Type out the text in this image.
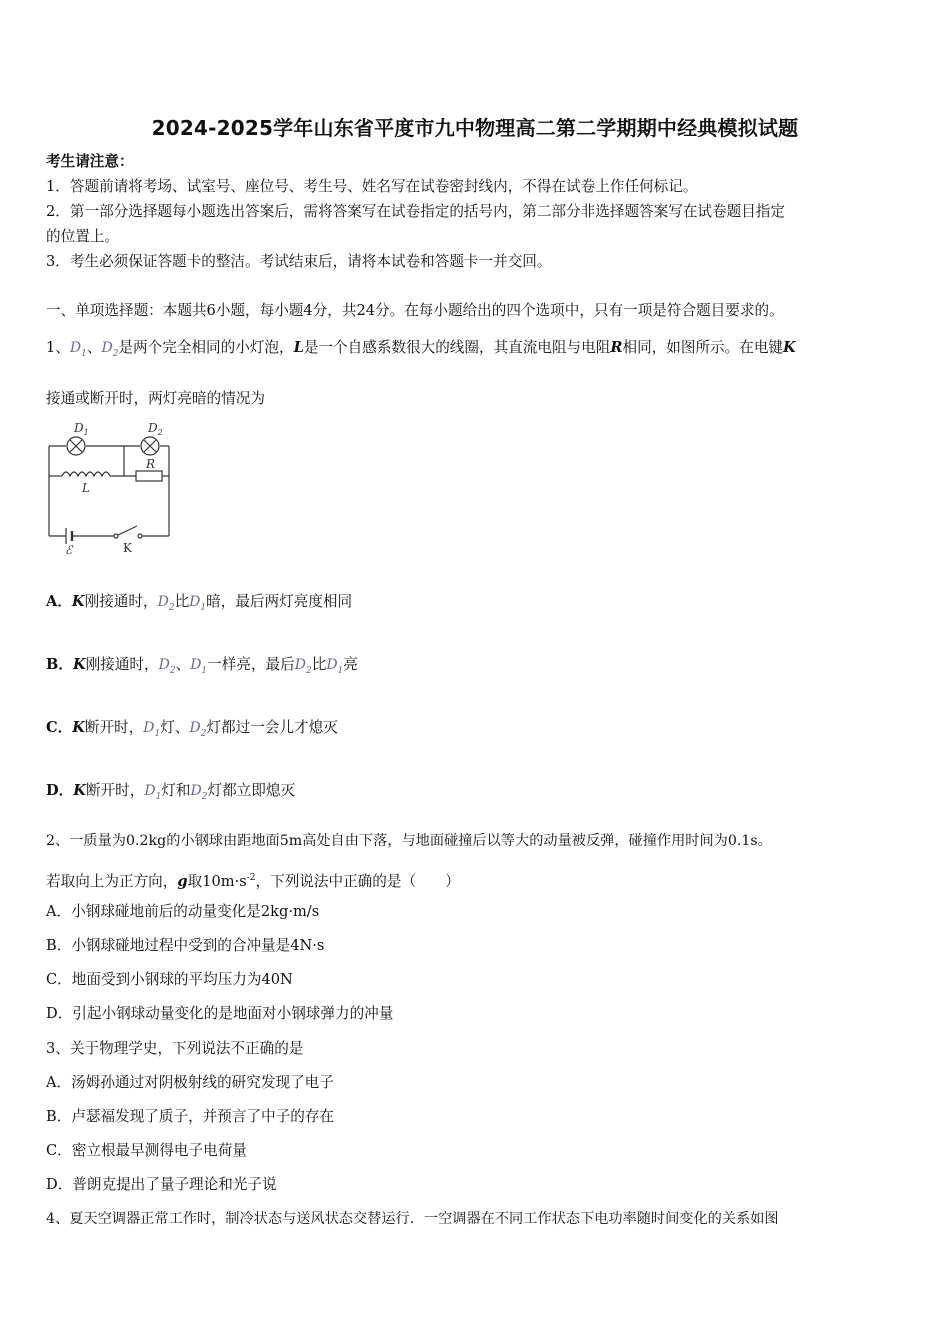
2024-2025学年山东省平度市九中物理高二第二学期期中经典模拟试题
考生请注意：
1．答题前请将考场、试室号、座位号、考生号、姓名写在试卷密封线内，不得在试卷上作任何标记。
2．第一部分选择题每小题选出答案后，需将答案写在试卷指定的括号内，第二部分非选择题答案写在试卷题目指定
的位置上。
3．考生必须保证答题卡的整洁。考试结束后，请将本试卷和答题卡一并交回。
一、单项选择题：本题共6小题，每小题4分，共24分。在每小题给出的四个选项中，只有一项是符合题目要求的。
1、$D_1$、$D_2$是两个完全相同的小灯泡，L是一个自感系数很大的线圈，其直流电阻与电阻R相同，如图所示。在电键K
接通或断开时，两灯亮暗的情况为
$D_1$	$D_2$
R
L
ℰ	K
A．K刚接通时，$D_2$比$D_1$暗，最后两灯亮度相同
B．K刚接通时，$D_2$、$D_1$一样亮，最后$D_2$比$D_1$亮
C．K断开时，$D_1$灯、$D_2$灯都过一会儿才熄灭
D．K断开时，$D_1$灯和$D_2$灯都立即熄灭
2、一质量为0.2kg的小钢球由距地面5m高处自由下落，与地面碰撞后以等大的动量被反弹，碰撞作用时间为0.1s。
若取向上为正方向，g取$10m\cdot s^{-2}$，下列说法中正确的是（　　）
A．小钢球碰地前后的动量变化是2kg·m/s
B．小钢球碰地过程中受到的合冲量是4N·s
C．地面受到小钢球的平均压力为40N
D．引起小钢球动量变化的是地面对小钢球弹力的冲量
3、关于物理学史，下列说法不正确的是
A．汤姆孙通过对阴极射线的研究发现了电子
B．卢瑟福发现了质子，并预言了中子的存在
C．密立根最早测得电子电荷量
D．普朗克提出了量子理论和光子说
4、夏天空调器正常工作时，制冷状态与送风状态交替运行．一空调器在不同工作状态下电功率随时间变化的关系如图
